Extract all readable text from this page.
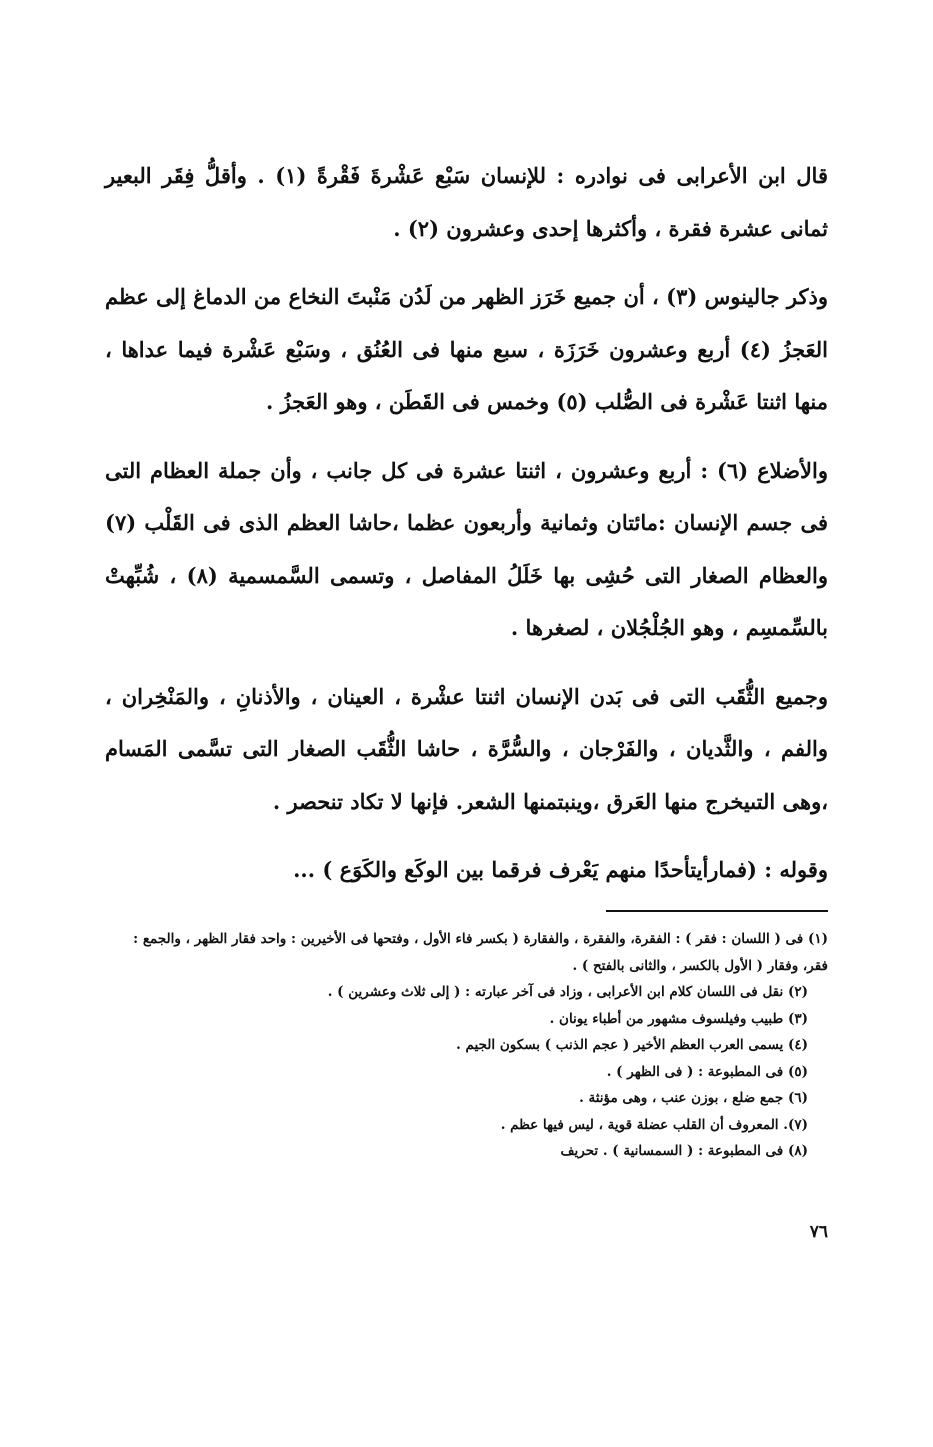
قال ابن الأعرابى فى نوادره : للإنسان سَبْع عَشْرةَ فَقْرةً (١) . وأقلُّ فِقَر البعير ثمانى عشرة فقرة ، وأكثرها إحدى وعشرون (٢) .

وذكر جالينوس (٣) ، أن جميع خَرَز الظهر من لَدُن مَنْبتَ النخاع من الدماغ إلى عظم العَجزُ (٤) أربع وعشرون خَرَزَة ، سبع منها فى العُنُق ، وسَبْع عَشْرة فيما عداها ، منها اثنتا عَشْرة فى الصُّلب (٥) وخمس فى القَطَن ، وهو العَجزُ .

والأضلاع (٦) : أربع وعشرون ، اثنتا عشرة فى كل جانب ، وأن جملة العظام التى فى جسم الإنسان :مائتان وثمانية وأربعون عظما ،حاشا العظم الذى فى القَلْب (٧) والعظام الصغار التى حُشِى بها خَلَلُ المفاصل ، وتسمى السَّمسمية (٨) ، شُبِّهتْ بالسِّمسِم ، وهو الجُلْجُلان ، لصغرها .

وجميع الثُّقَب التى فى بَدن الإنسان اثنتا عشْرة ، العينان ، والأذنانِ ، والمَنْخِران ، والفم ، والثَّديان ، والفَرْجان ، والسُّرَّة ، حاشا الثُّقَب الصغار التى تسَّمى المَسام ،وهى التىيخرج منها العَرق ،وينبتمنها الشعر. فإنها لا تكاد تنحصر .

وقوله : (فمارأيتأحدًا منهم يَعْرف فرقما بين الوكَع والكَوَع ) ...

(١) فى ( اللسان : فقر ) : الفقرة، والفقرة ، والفقارة ( بكسر فاء الأول ، وفتحها فى الأخيرين : واحد فقار الظهر ، والجمع : فقر، وفقار ( الأول بالكسر ، والثانى بالفتح ) .

(٢) نقل فى اللسان كلام ابن الأعرابى ، وزاد فى آخر عبارته : ( إلى ثلاث وعشرين ) .

(٣) طبيب وفيلسوف مشهور من أطباء يونان .

(٤) يسمى العرب العظم الأخير ( عجم الذنب ) بسكون الجيم .

(٥) فى المطبوعة : ( فى الظهر ) .

(٦) جمع ضلع ، بوزن عنب ، وهى مؤنثة .

(٧). المعروف أن القلب عضلة قوية ، ليس فيها عظم .

(٨) فى المطبوعة : ( السمسانية ) . تحريف

٧٦
